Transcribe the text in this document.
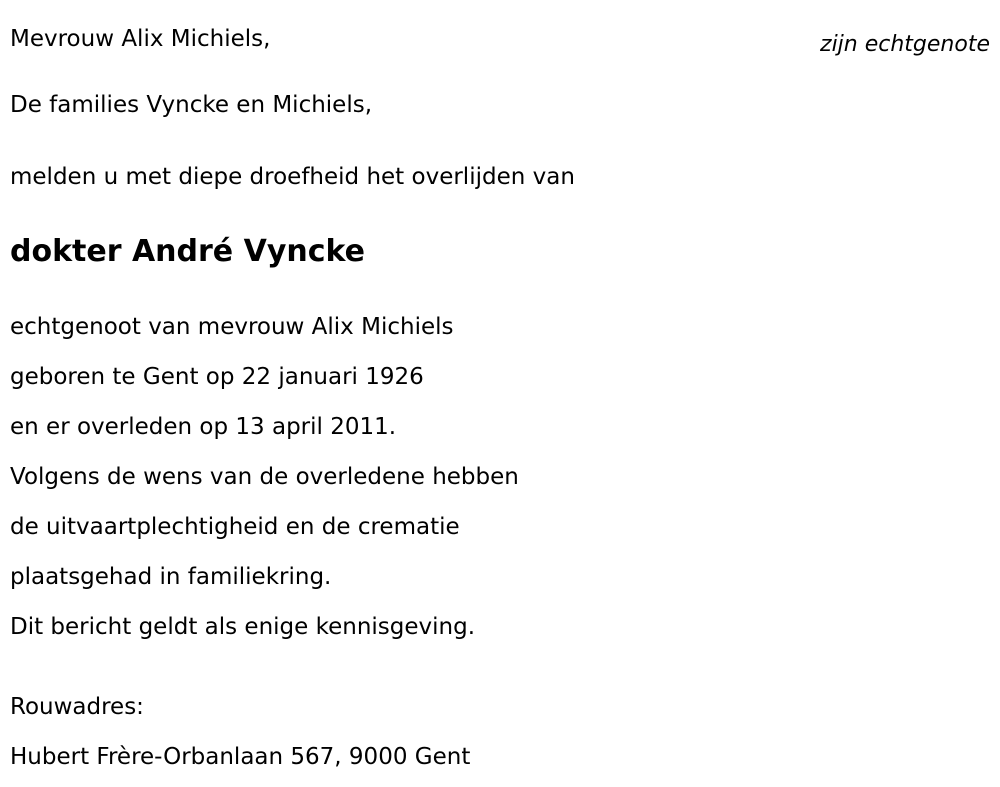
Mevrouw Alix Michiels,	zijn echtgenote
De families Vyncke en Michiels,
melden u met diepe droefheid het overlijden van
dokter André Vyncke
echtgenoot van mevrouw Alix Michiels
geboren te Gent op 22 januari 1926
en er overleden op 13 april 2011.
Volgens de wens van de overledene hebben
de uitvaartplechtigheid en de crematie
plaatsgehad in familiekring.
Dit bericht geldt als enige kennisgeving.
Rouwadres:
Hubert Frère-Orbanlaan 567, 9000 Gent
